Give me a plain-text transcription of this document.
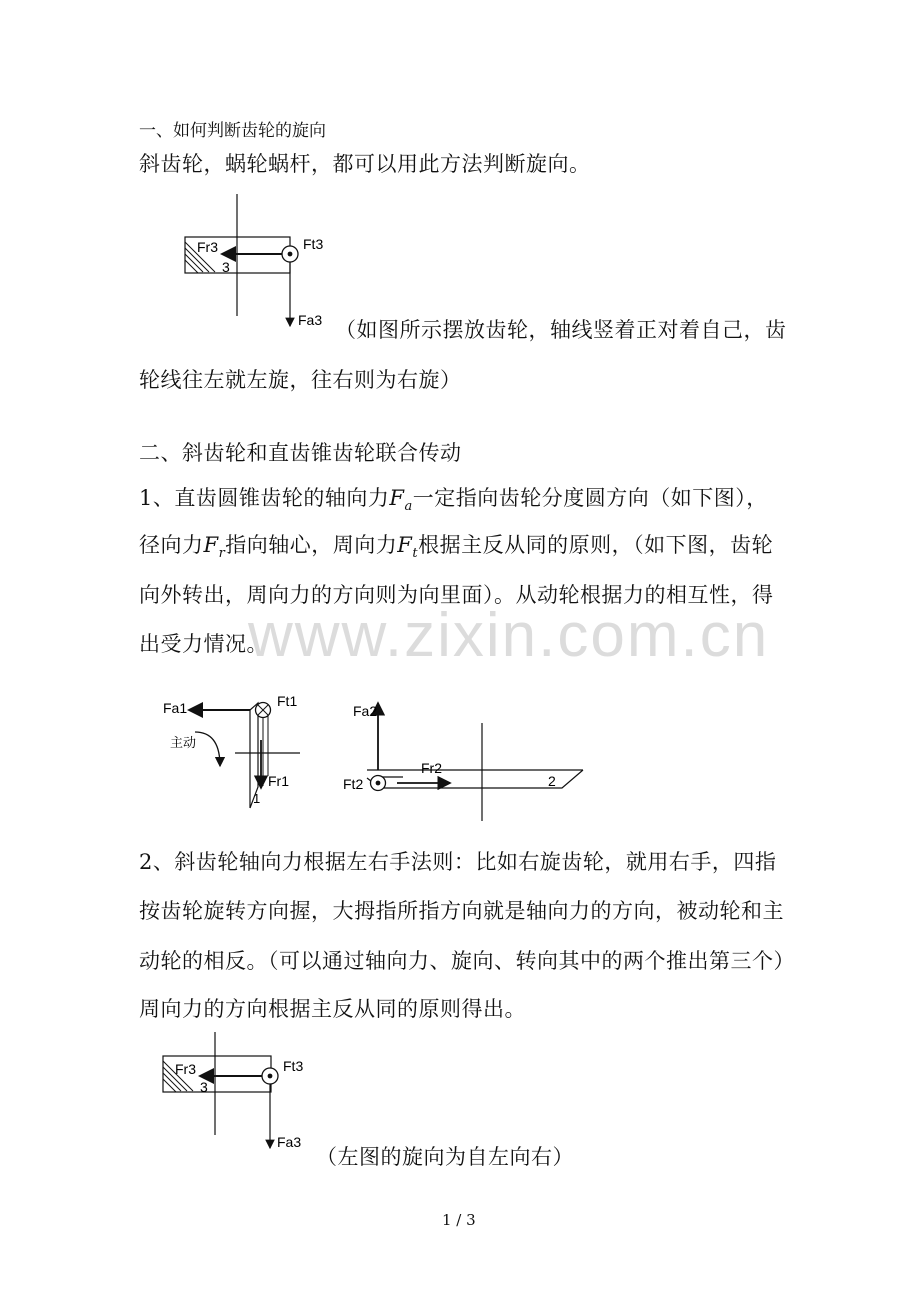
www.zixin.com.cn
一、如何判断齿轮的旋向
斜齿轮，蜗轮蜗杆，都可以用此方法判断旋向。
Fr3	Ft3
Fa3
3
（如图所示摆放齿轮，轴线竖着正对着自己，齿
轮线往左就左旋，往右则为右旋）
二、斜齿轮和直齿锥齿轮联合传动
1、直齿圆锥齿轮的轴向力$F_a$一定指向齿轮分度圆方向（如下图），
径向力$F_r$指向轴心，周向力$F_t$根据主反从同的原则，（如下图，齿轮
向外转出，周向力的方向则为向里面）。从动轮根据力的相互性，得
出受力情况。
Fa1	Ft1
Fr1
主动
1
Fa2
Fr2
Ft2	2
2、斜齿轮轴向力根据左右手法则：比如右旋齿轮，就用右手，四指
按齿轮旋转方向握，大拇指所指方向就是轴向力的方向，被动轮和主
动轮的相反。（可以通过轴向力、旋向、转向其中的两个推出第三个）
周向力的方向根据主反从同的原则得出。
Fr3	Ft3
Fa3
3
（左图的旋向为自左向右）
1 / 3
